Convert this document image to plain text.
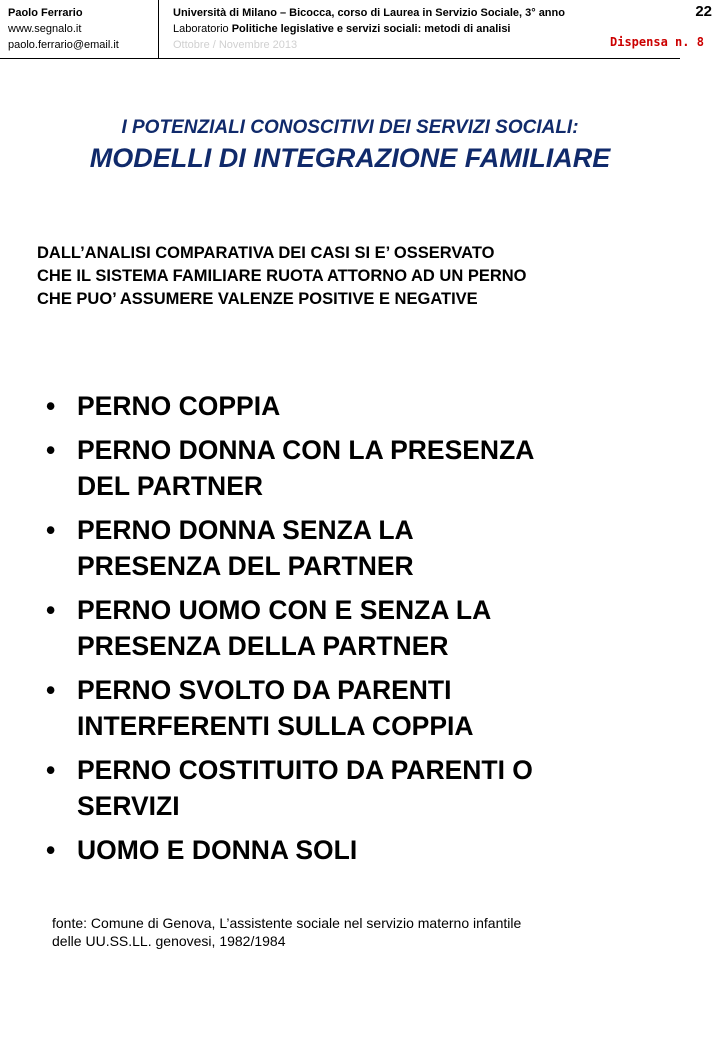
Paolo Ferrario
www.segnalo.it
paolo.ferrario@email.it
Università di Milano – Bicocca, corso di Laurea in Servizio Sociale, 3° anno
Laboratorio Politiche legislative e servizi sociali: metodi di analisi
Ottobre / Novembre 2013
22
Dispensa n. 8
I POTENZIALI CONOSCITIVI DEI SERVIZI SOCIALI:
MODELLI DI INTEGRAZIONE FAMILIARE
DALL’ANALISI COMPARATIVA DEI CASI SI E’ OSSERVATO
CHE IL SISTEMA FAMILIARE RUOTA ATTORNO AD UN PERNO
CHE PUO’ ASSUMERE VALENZE POSITIVE E NEGATIVE
• PERNO COPPIA
• PERNO DONNA CON LA PRESENZA
DEL PARTNER
• PERNO DONNA SENZA LA
PRESENZA DEL PARTNER
• PERNO UOMO CON E SENZA LA
PRESENZA DELLA PARTNER
• PERNO SVOLTO DA PARENTI
INTERFERENTI SULLA COPPIA
• PERNO COSTITUITO DA PARENTI O
SERVIZI
• UOMO E DONNA SOLI
fonte: Comune di Genova, L’assistente sociale nel servizio materno infantile
delle UU.SS.LL. genovesi, 1982/1984
